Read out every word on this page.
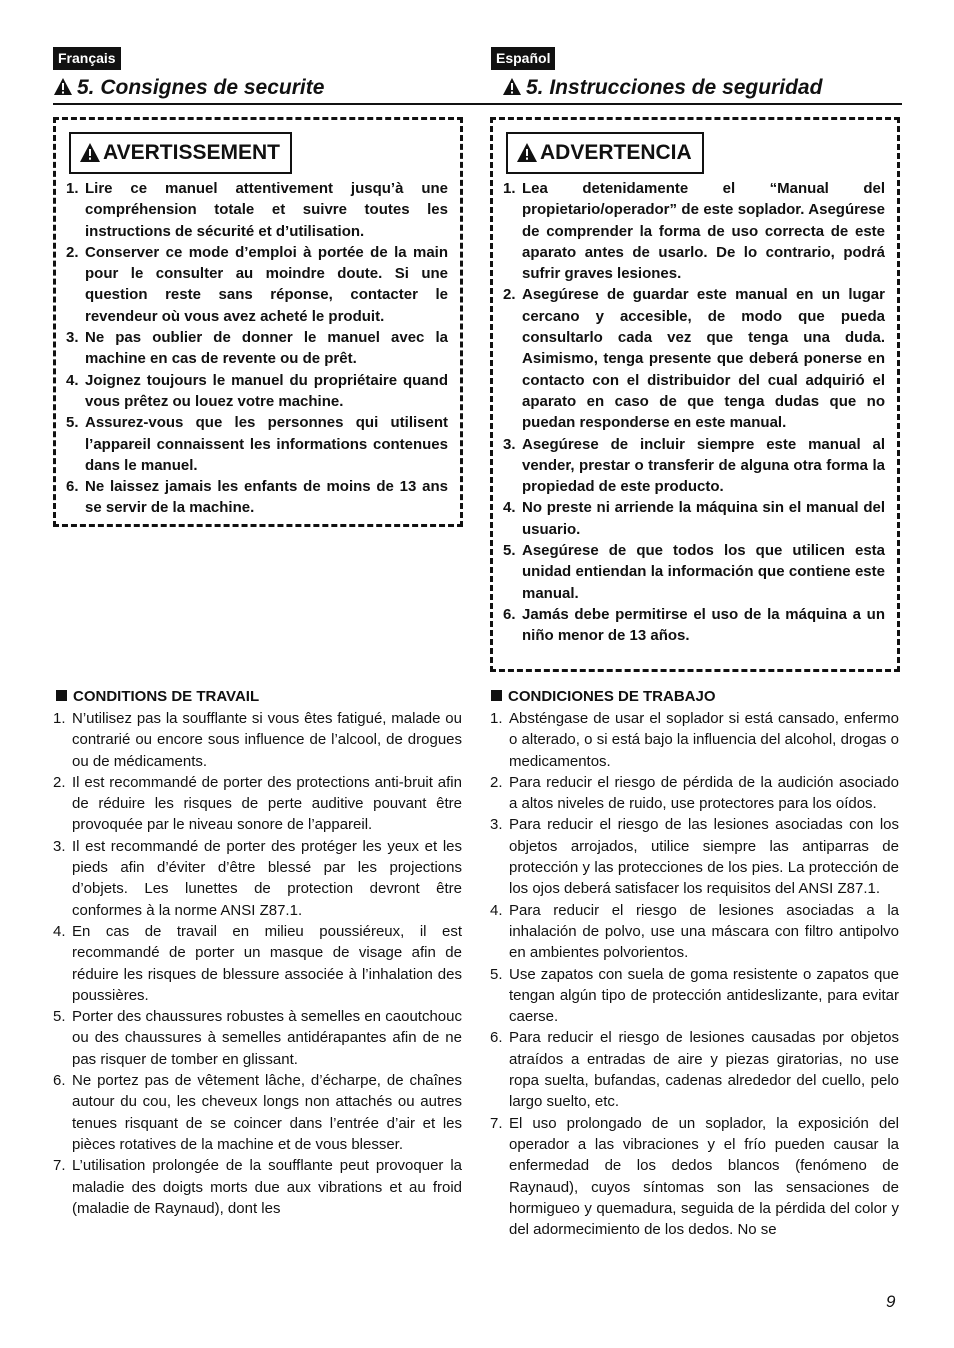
Français
5. Consignes de securite
AVERTISSEMENT
1. Lire ce manuel attentivement jusqu’à une compréhension totale et suivre toutes les instructions de sécurité et d’utilisation.
2. Conserver ce mode d’emploi à portée de la main pour le consulter au moindre doute. Si une question reste sans réponse, contacter le revendeur où vous avez acheté le produit.
3. Ne pas oublier de donner le manuel avec la machine en cas de revente ou de prêt.
4. Joignez toujours le manuel du propriétaire quand vous prêtez ou louez votre machine.
5. Assurez-vous que les personnes qui utilisent l’appareil connaissent les informations contenues dans le manuel.
6. Ne laissez jamais les enfants de moins de 13 ans se servir de la machine.
CONDITIONS DE TRAVAIL
1. N’utilisez pas la soufflante si vous êtes fatigué, malade ou contrarié ou encore sous influence de l’alcool, de drogues ou de médicaments.
2. Il est recommandé de porter des protections anti-bruit afin de réduire les risques de perte auditive pouvant être provoquée par le niveau sonore de l’appareil.
3. Il est recommandé de porter des protéger les yeux et les pieds afin d’éviter d’être blessé par les projections d’objets. Les lunettes de protection devront être conformes à la norme ANSI Z87.1.
4. En cas de travail en milieu poussiéreux, il est recommandé de porter un masque de visage afin de réduire les risques de blessure associée à l’inhalation des poussières.
5. Porter des chaussures robustes à semelles en caoutchouc ou des chaussures à semelles antidérapantes afin de ne pas risquer de tomber en glissant.
6. Ne portez pas de vêtement lâche, d’écharpe, de chaînes autour du cou, les cheveux longs non attachés ou autres tenues risquant de se coincer dans l’entrée d’air et les pièces rotatives de la machine et de vous blesser.
7. L’utilisation prolongée de la soufflante peut provoquer la maladie des doigts morts due aux vibrations et au froid (maladie de Raynaud), dont les
Español
5. Instrucciones de seguridad
ADVERTENCIA
1. Lea detenidamente el “Manual del propietario/operador” de este soplador. Asegúrese de comprender la forma de uso correcta de este aparato antes de usarlo. De lo contrario, podrá sufrir graves lesiones.
2. Asegúrese de guardar este manual en un lugar cercano y accesible, de modo que pueda consultarlo cada vez que tenga una duda. Asimismo, tenga presente que deberá ponerse en contacto con el distribuidor del cual adquirió el aparato en caso de que tenga dudas que no puedan responderse en este manual.
3. Asegúrese de incluir siempre este manual al vender, prestar o transferir de alguna otra forma la propiedad de este producto.
4. No preste ni arriende la máquina sin el manual del usuario.
5. Asegúrese de que todos los que utilicen esta unidad entiendan la información que contiene este manual.
6. Jamás debe permitirse el uso de la máquina a un niño menor de 13 años.
CONDICIONES DE TRABAJO
1. Absténgase de usar el soplador si está cansado, enfermo o alterado, o si está bajo la influencia del alcohol, drogas o medicamentos.
2. Para reducir el riesgo de pérdida de la audición asociado a altos niveles de ruido, use protectores para los oídos.
3. Para reducir el riesgo de las lesiones asociadas con los objetos arrojados, utilice siempre las antiparras de protección y las protecciones de los pies. La protección de los ojos deberá satisfacer los requisitos del ANSI Z87.1.
4. Para reducir el riesgo de lesiones asociadas a la inhalación de polvo, use una máscara con filtro antipolvo en ambientes polvorientos.
5. Use zapatos con suela de goma resistente o zapatos que tengan algún tipo de protección antideslizante, para evitar caerse.
6. Para reducir el riesgo de lesiones causadas por objetos atraídos a entradas de aire y piezas giratorias, no use ropa suelta, bufandas, cadenas alrededor del cuello, pelo largo suelto, etc.
7. El uso prolongado de un soplador, la exposición del operador a las vibraciones y el frío pueden causar la enfermedad de los dedos blancos (fenómeno de Raynaud), cuyos síntomas son las sensaciones de hormigueo y quemadura, seguida de la pérdida del color y del adormecimiento de los dedos. No se
9
